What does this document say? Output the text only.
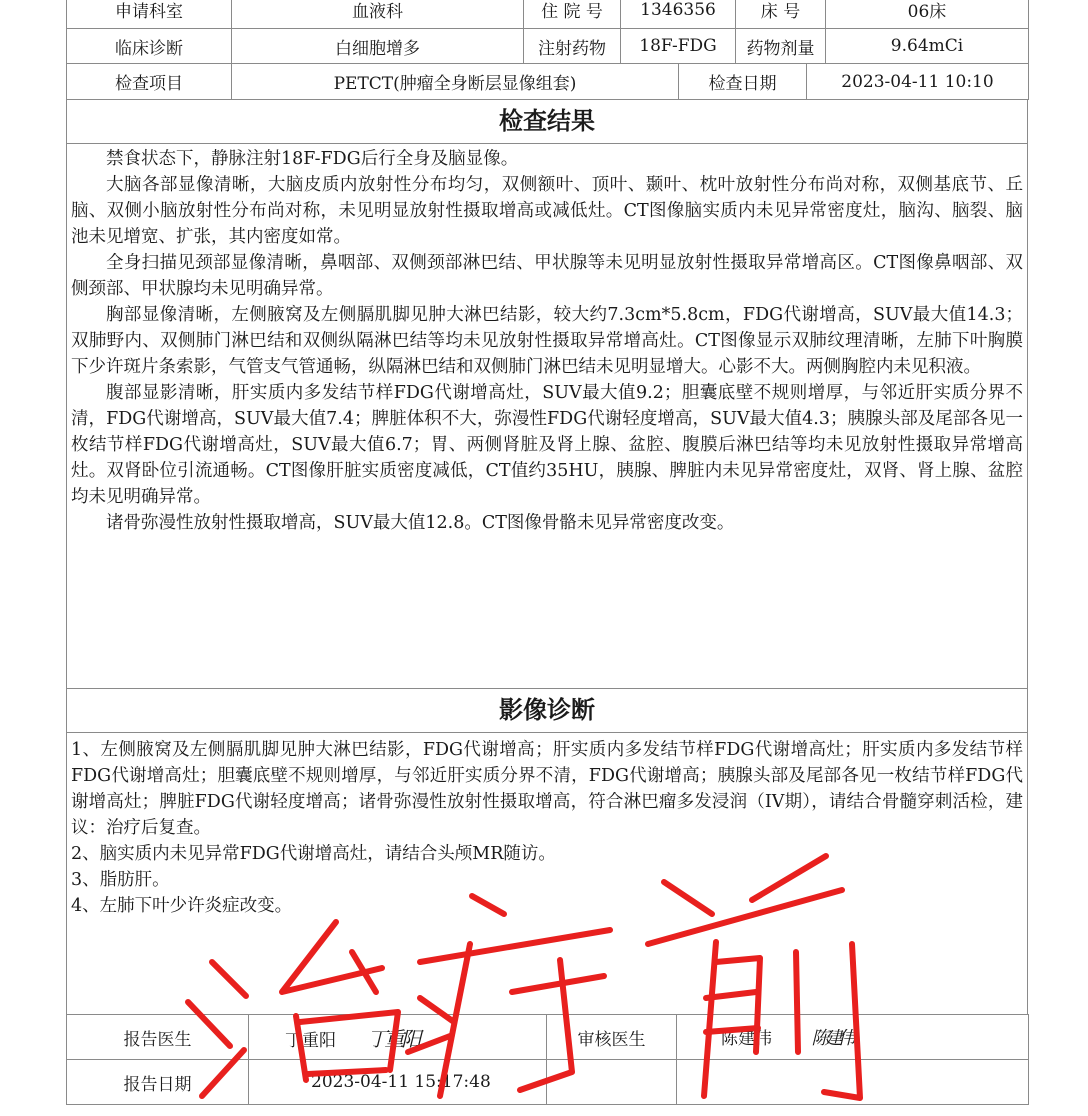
申请科室	血液科	住 院 号	1346356	床 号	06床
临床诊断	白细胞增多	注射药物	18F-FDG	药物剂量	9.64mCi
检查项目	PETCT(肿瘤全身断层显像组套)	检查日期	2023-04-11 10:10
检查结果

禁食状态下，静脉注射18F-FDG后行全身及脑显像。

大脑各部显像清晰，大脑皮质内放射性分布均匀，双侧额叶、顶叶、颞叶、枕叶放射性分布尚对称，双侧基底节、丘脑、双侧小脑放射性分布尚对称，未见明显放射性摄取增高或减低灶。CT图像脑实质内未见异常密度灶，脑沟、脑裂、脑池未见增宽、扩张，其内密度如常。

全身扫描见颈部显像清晰，鼻咽部、双侧颈部淋巴结、甲状腺等未见明显放射性摄取异常增高区。CT图像鼻咽部、双侧颈部、甲状腺均未见明确异常。

胸部显像清晰，左侧腋窝及左侧膈肌脚见肿大淋巴结影，较大约7.3cm*5.8cm，FDG代谢增高，SUV最大值14.3；双肺野内、双侧肺门淋巴结和双侧纵隔淋巴结等均未见放射性摄取异常增高灶。CT图像显示双肺纹理清晰，左肺下叶胸膜下少许斑片条索影，气管支气管通畅，纵隔淋巴结和双侧肺门淋巴结未见明显增大。心影不大。两侧胸腔内未见积液。

腹部显影清晰，肝实质内多发结节样FDG代谢增高灶，SUV最大值9.2；胆囊底壁不规则增厚，与邻近肝实质分界不清，FDG代谢增高，SUV最大值7.4；脾脏体积不大，弥漫性FDG代谢轻度增高，SUV最大值4.3；胰腺头部及尾部各见一枚结节样FDG代谢增高灶，SUV最大值6.7；胃、两侧肾脏及肾上腺、盆腔、腹膜后淋巴结等均未见放射性摄取异常增高灶。双肾卧位引流通畅。CT图像肝脏实质密度减低，CT值约35HU，胰腺、脾脏内未见异常密度灶，双肾、肾上腺、盆腔均未见明确异常。

诸骨弥漫性放射性摄取增高，SUV最大值12.8。CT图像骨骼未见异常密度改变。

影像诊断

1、左侧腋窝及左侧膈肌脚见肿大淋巴结影，FDG代谢增高；肝实质内多发结节样FDG代谢增高灶；肝实质内多发结节样FDG代谢增高灶；胆囊底壁不规则增厚，与邻近肝实质分界不清，FDG代谢增高；胰腺头部及尾部各见一枚结节样FDG代谢增高灶；脾脏FDG代谢轻度增高；诸骨弥漫性放射性摄取增高，符合淋巴瘤多发浸润（IV期），请结合骨髓穿刺活检，建议：治疗后复查。

2、脑实质内未见异常FDG代谢增高灶，请结合头颅MR随访。

3、脂肪肝。

4、左肺下叶少许炎症改变。

报告医生	丁重阳 丁重阳	审核医生	陈建伟 陈建伟
报告日期	2023-04-11 15:17:48		
